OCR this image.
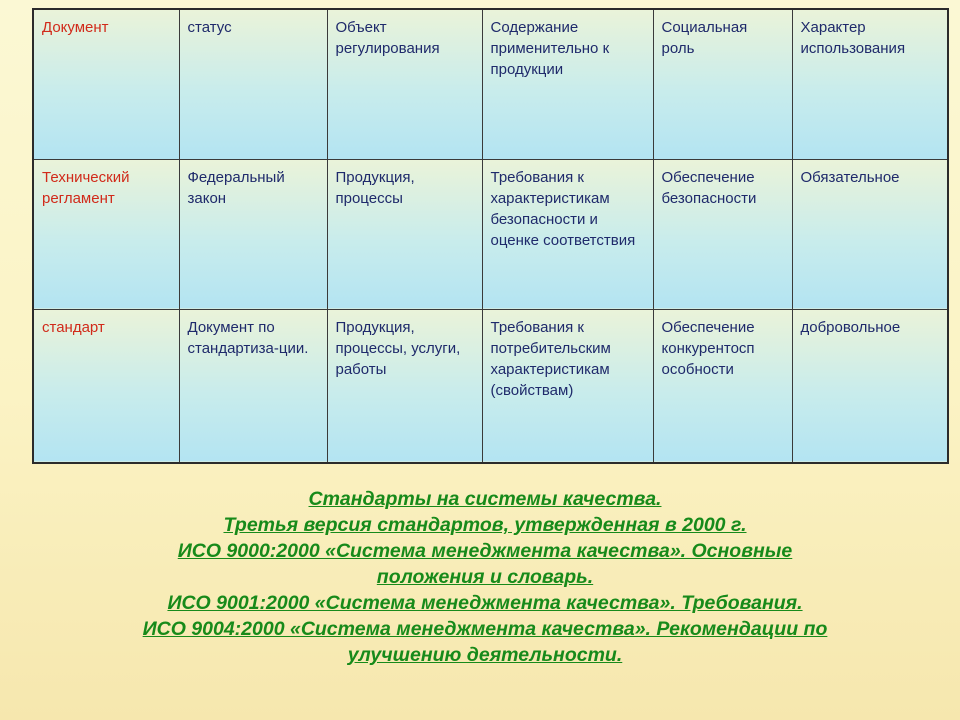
Документ	статус	Объект регулирования	Содержание применительно к продукции	Социальная роль	Характер использования
Технический регламент	Федеральный закон	Продукция, процессы	Требования к характеристикам безопасности и оценке соответствия	Обеспечение безопасности	Обязательное
стандарт	Документ по стандартиза-ции.	Продукция, процессы, услуги, работы	Требования к потребительским характеристикам (свойствам)	Обеспечение конкурентосп особности	добровольное
Стандарты на системы качества.
Третья версия стандартов, утвержденная в 2000 г.
ИСО 9000:2000 «Система менеджмента качества». Основные
положения и словарь.
ИСО 9001:2000 «Система менеджмента качества». Требования.
ИСО 9004:2000 «Система менеджмента качества». Рекомендации по
улучшению деятельности.
